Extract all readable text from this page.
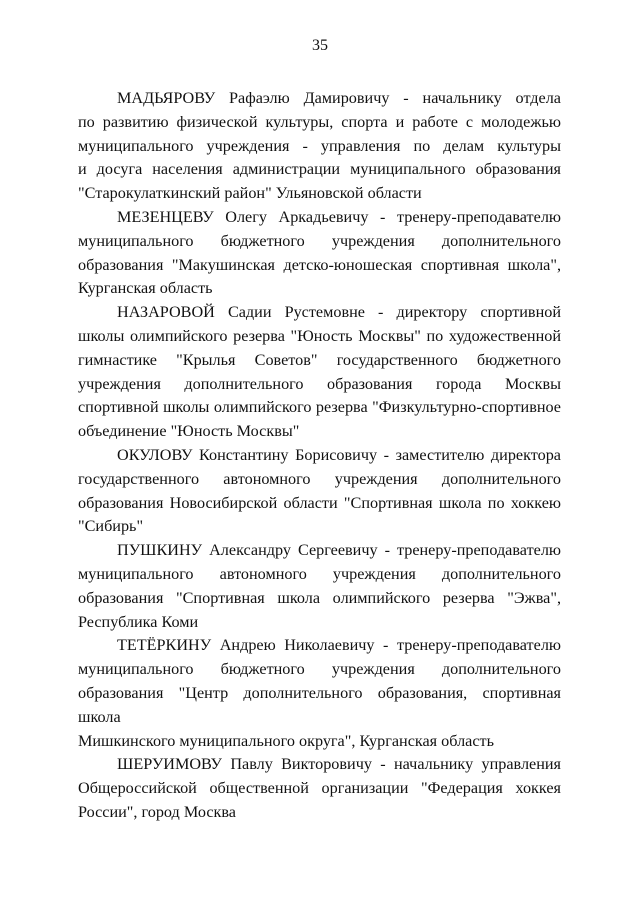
35
МАДЬЯРОВУ Рафаэлю Дамировичу - начальнику отдела
по развитию физической культуры, спорта и работе с молодежью
муниципального учреждения - управления по делам культуры
и досуга населения администрации муниципального образования
"Старокулаткинский район" Ульяновской области
МЕЗЕНЦЕВУ Олегу Аркадьевичу - тренеру-преподавателю
муниципального бюджетного учреждения дополнительного
образования "Макушинская детско-юношеская спортивная школа",
Курганская область
НАЗАРОВОЙ Садии Рустемовне - директору спортивной
школы олимпийского резерва "Юность Москвы" по художественной
гимнастике "Крылья Советов" государственного бюджетного
учреждения дополнительного образования города Москвы
спортивной школы олимпийского резерва "Физкультурно-спортивное
объединение "Юность Москвы"
ОКУЛОВУ Константину Борисовичу - заместителю директора
государственного автономного учреждения дополнительного
образования Новосибирской области "Спортивная школа по хоккею
"Сибирь"
ПУШКИНУ Александру Сергеевичу - тренеру-преподавателю
муниципального автономного учреждения дополнительного
образования "Спортивная школа олимпийского резерва "Эжва",
Республика Коми
ТЕТЁРКИНУ Андрею Николаевичу - тренеру-преподавателю
муниципального бюджетного учреждения дополнительного
образования "Центр дополнительного образования, спортивная школа
Мишкинского муниципального округа", Курганская область
ШЕРУИМОВУ Павлу Викторовичу - начальнику управления
Общероссийской общественной организации "Федерация хоккея
России", город Москва
